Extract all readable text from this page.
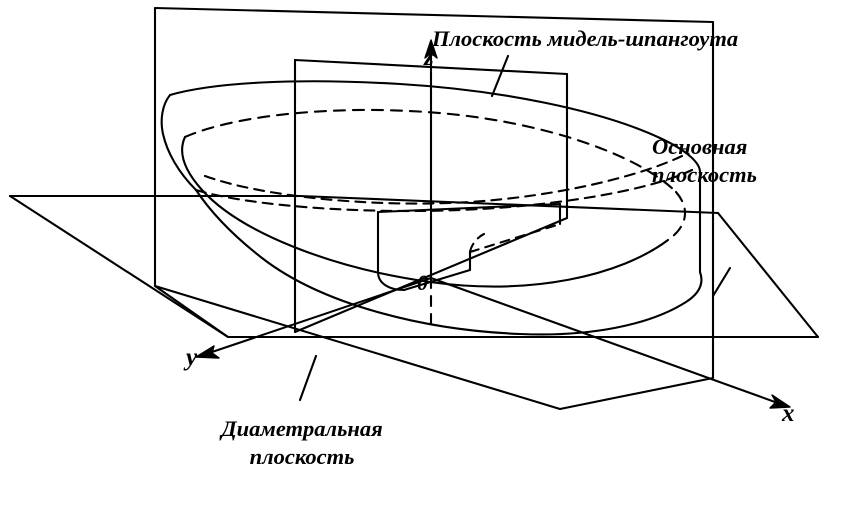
z
y
x
0
Плоскость мидель-шпангоута
Основная
плоскость
Диаметральная
плоскость
